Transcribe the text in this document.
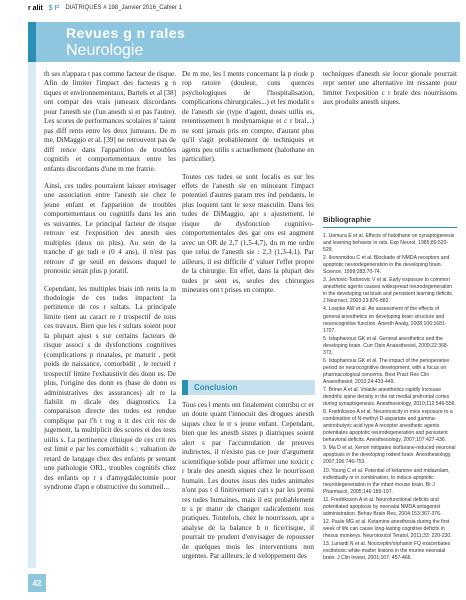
r alit $ P DIATRIQUES # 198_Janvier 2016_Cahier 1
Revues g n rales
Neurologie

th ses n'appara t pas comme facteur de risque. Afin de limiter l'impact des facteurs g n tiques et environnementaux, Bartels et al [38] ont compar des vrais jumeaux discordants pour l'anesth sie (l'un anesth si et pas l'autre). Les scores de performances scolaires n' taient pas diff rents entre les deux jumeaux. De m me, DiMaggio et al. [39] ne retrouvent pas de diff rence dans l'apparition de troubles cognitifs et comportementaux entre les enfants discordants d'une m me fratrie.

Ainsi, ces tudes pourraient laisser envisager une association entre l'anesth sie chez le jeune enfant et l'apparition de troubles comportementaux ou cognitifs dans les ann es suivantes. Le principal facteur de risque retrouv est l'exposition des anesth sies multiples (deux ou plus). Au sein de la tranche d' ge tudi e (0 4 ans), il n'est pas retrouv d' ge seuil en dessous duquel le pronostic serait plus p joratif.

Cependant, les multiples biais inh rents la m thodologie de ces tudes impactent la pertinence de ces r sultats. La principale limite tient au caract re r trospectif de tous ces travaux. Bien que les r sultats soient pour la plupart ajust s sur certains facteurs de risque associ s de dysfonctions cognitives (complications p rinatales, pr maturit , petit poids de naissance, comorbidit , le recueil r trospectif limite l'exhaustivit des donn es. De plus, l'origine des donn es (base de donn es administratives des assurances) alt re la fiabilit m dicale des diagnostics. La comparaison directe des tudes est rendue complique par l'h t rog n it des crit res de jugement, la multiplicit des scores et des tests utilis s. La pertinence clinique de ces crit res est limit e par les comorbidit s : valuation de retard de langage chez des enfants pr sentant une pathologie ORL, troubles cognitifs chez des enfants op r s d'amygdalectomie pour syndrome d'apn e obstructive du sommeil...

De m me, les l ments concernant la p riode p rop ratoire (douleur, cons quences psychologiques de l'hospitalisation, complications chirurgicales...) et les modalit s de l'anesth sie (type d'agent, doses utilis es, retentissement h modynamique et c r bral...) ne sont jamais pris en compte, d'autant plus qu'il s'agit probablement de techniques et agents peu utilis s actuellement (halothane en particulier).

Toutes ces tudes se sont focalis es sur les effets de l'anesth sie en minorant l'impact potentiel d'autres param tres ind pendants, le plus loquent tant le sexe masculin. Dans les tudes de DiMaggio, apr s ajustement, le risque de dysfonction cognitivo-comportementales des gar ons est augment avec un OR de 2,7 (1,5-4,7), du m me ordre que celui de l'anesth sie : 2,3 (1,3-4,1). Par ailleurs, il est difficile d' valuer l'effet propre de la chirurgie. En effet, dans la plupart des tudes pr sent es, seules des chirurgies mineures ont t prises en compte.

Conclusion

Tous ces l ments ont finalement contribu cr er un doute quant l'innocuit des drogues anesth siques chez le tr s jeune enfant. Cependant, bien que les anesth sistes p diatriques soient alert s par l'accumulation de preuves indirectes, il n'existe pas ce jour d'argument scientifique solide pour affirmer une toxicit c r brale des anesth siques chez le nourrisson humain. Les doutes issus des tudes animales n'ont pas t d finitivement cart s par les premi res tudes humaines, mais il est probablement tr s pr matur de changer radicalement nos pratiques. Toutefois, chez le nourrisson, apr s analyse de la balance b n fice/risque, il pourrait tre prudent d'envisager de repousser de quelques mois les interventions non urgentes. Par ailleurs, le d veloppement des

techniques d'anesth sie locor gionale pourrait repr senter une alternative int ressante pour limiter l'exposition c r brale des nourrissons aux produits anesth siques.

Bibliographie

1. Uemura E et al. Effects of halothane on synaptogenesis and learning behavior in rats. Exp Neurol, 1985;89:520-529.

2. Ikonomidou C et al. Blockade of NMDA receptors and apoptotic neurodegeneration in the developing brain. Science, 1999;283:70-74.

3. Jevtovic-Todorovic V et al. Early exposure to common anesthetic agents causes widespread neurodegeneration in the developing rat brain and persistent learning deficits. J Neurosci, 2003;23:876-882.

4. Loepke AW et al. An assessment of the effects of general anesthetics on developing brain structure and neurocognitive function. Anesth Analg, 2008;106:1681-1707.

5. Istaphanous GK et al. General anesthetics and the developing brain. Curr Opin Anaesthesiol, 2009;22:368-373.

6. Istaphanous GK et al. The impact of the perioperative period on neurocognitive development, with a focus on pharmacological concerns. Best Pract Res Clin Anaesthesiol, 2010;24:433-449.

7. Briner A et al. Volatile anesthetics rapidly increase dendritic spine density in the rat medial prefrontal cortex during synaptogenesis. Anesthesiology, 2010;112:546-556.

8. Fredriksson A et al. Neurotoxicity in mice exposure to a combination of N-methyl-D-aspartate and gamma-aminobutyric acid type A receptor anesthetic agents potentiates apoptotic neurodegeneration and persistent behavioral deficits. Anesthesiology, 2007;107:427-436.

9. Ma D et al. Xenon mitigates isoflurane-induced neuronal apoptosis in the developing rodent brain. Anesthesiology, 2007;106:746-753.

10. Young C et al. Potential of ketamine and midazolam, individually or in combination, to induce apoptotic neurodegeneration in the infant mouse brain. Br J Pharmacol, 2005;146:189-197.

11. Fredriksson A et al. Neurofunctional deficits and potentiated apoptosis by neonatal NMDA antagonist administration. Behav Brain Res, 2004;153:367-376.

12. Paule MG et al. Ketamine anesthesia during the first week of life can cause long-lasting cognitive deficits in rhesus monkeys. Neurotoxicol Teratol, 2011;33: 220-230.

13. Lunardi N et al. Nociceptin/orphanin FQ exacerbates excitotoxic white-matter lesions in the murine neonatal brain. J Clin Invest, 2001;107: 457-466.

42
